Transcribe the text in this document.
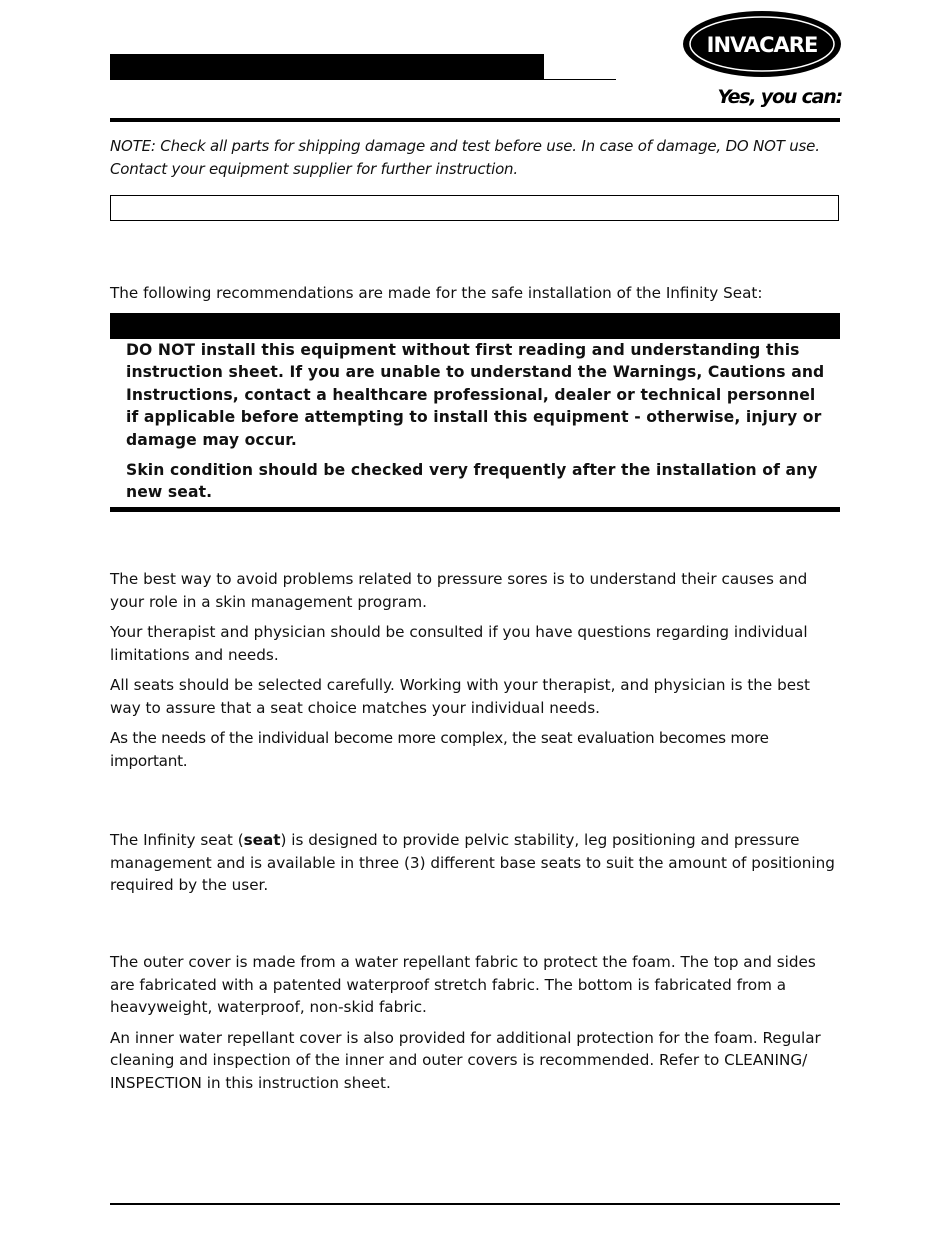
INVACARE
Yes, you can:

NOTE: Check all parts for shipping damage and test before use. In case of damage, DO NOT use. Contact your equipment supplier for further instruction.

The following recommendations are made for the safe installation of the Infinity Seat:

DO NOT install this equipment without first reading and understanding this instruction sheet. If you are unable to understand the Warnings, Cautions and Instructions, contact a healthcare professional, dealer or technical personnel if applicable before attempting to install this equipment - otherwise, injury or damage may occur.

Skin condition should be checked very frequently after the installation of any new seat.

The best way to avoid problems related to pressure sores is to understand their causes and your role in a skin management program.

Your therapist and physician should be consulted if you have questions regarding individual limitations and needs.

All seats should be selected carefully. Working with your therapist, and physician is the best way to assure that a seat choice matches your individual needs.

As the needs of the individual become more complex, the seat evaluation becomes more important.

The Infinity seat (seat) is designed to provide pelvic stability, leg positioning and pressure management and is available in three (3) different base seats to suit the amount of positioning required by the user.

The outer cover is made from a water repellant fabric to protect the foam. The top and sides are fabricated with a patented waterproof stretch fabric. The bottom is fabricated from a heavyweight, waterproof, non-skid fabric.

An inner water repellant cover is also provided for additional protection for the foam. Regular cleaning and inspection of the inner and outer covers is recommended. Refer to CLEANING/ INSPECTION in this instruction sheet.
